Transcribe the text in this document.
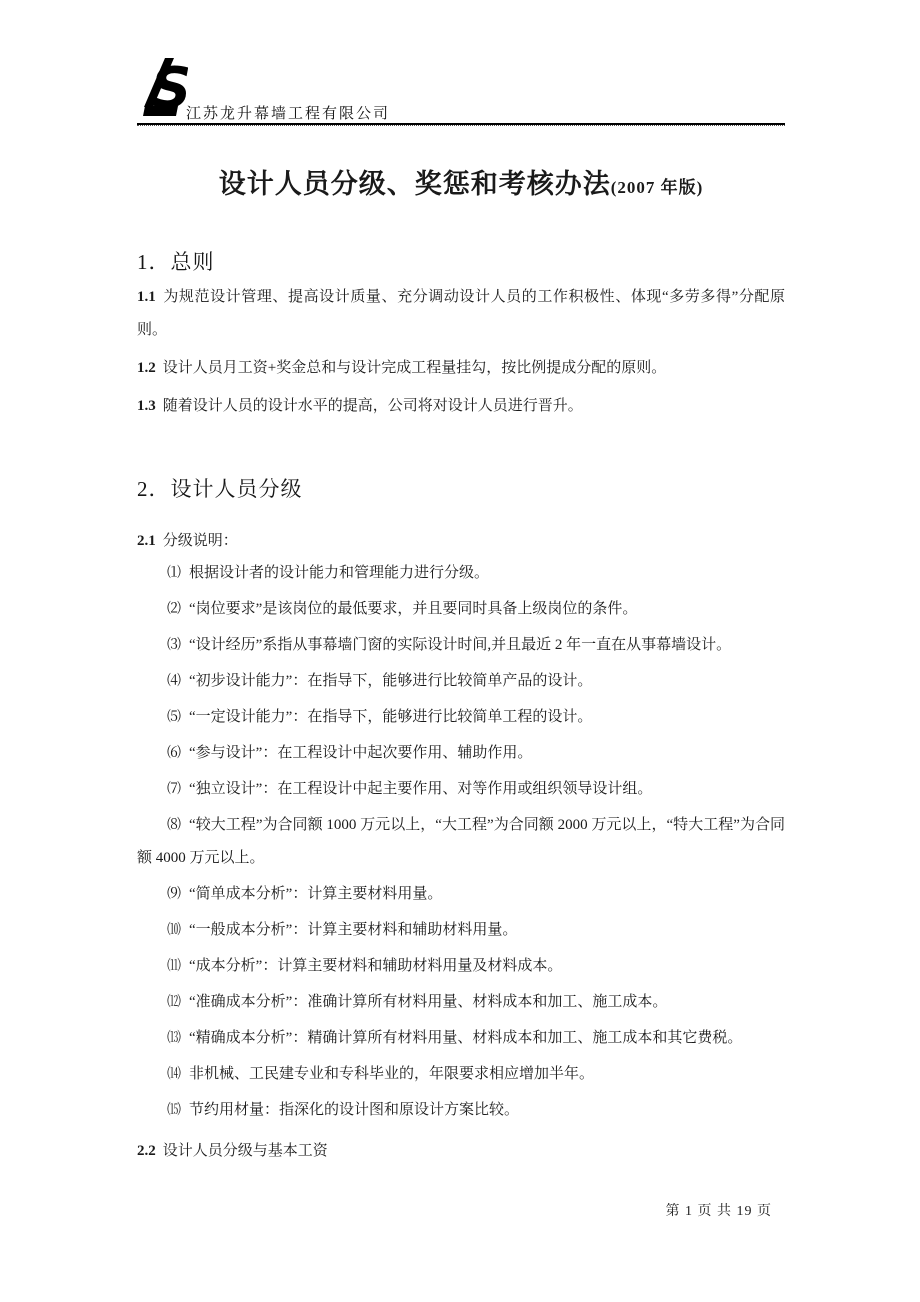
S
江苏龙升幕墙工程有限公司
设计人员分级、奖惩和考核办法(2007 年版)
1．总则

1.1 为规范设计管理、提高设计质量、充分调动设计人员的工作积极性、体现“多劳多得”分配原则。

1.2 设计人员月工资+奖金总和与设计完成工程量挂勾，按比例提成分配的原则。

1.3 随着设计人员的设计水平的提高，公司将对设计人员进行晋升。

2．设计人员分级

2.1 分级说明：

⑴ 根据设计者的设计能力和管理能力进行分级。

⑵ “岗位要求”是该岗位的最低要求，并且要同时具备上级岗位的条件。

⑶ “设计经历”系指从事幕墙门窗的实际设计时间,并且最近 2 年一直在从事幕墙设计。

⑷ “初步设计能力”：在指导下，能够进行比较简单产品的设计。

⑸ “一定设计能力”：在指导下，能够进行比较简单工程的设计。

⑹ “参与设计”：在工程设计中起次要作用、辅助作用。

⑺ “独立设计”：在工程设计中起主要作用、对等作用或组织领导设计组。

⑻ “较大工程”为合同额 1000 万元以上，“大工程”为合同额 2000 万元以上，“特大工程”为合同额 4000 万元以上。

⑼ “简单成本分析”：计算主要材料用量。

⑽ “一般成本分析”：计算主要材料和辅助材料用量。

⑾ “成本分析”：计算主要材料和辅助材料用量及材料成本。

⑿ “准确成本分析”：准确计算所有材料用量、材料成本和加工、施工成本。

⒀ “精确成本分析”：精确计算所有材料用量、材料成本和加工、施工成本和其它费税。

⒁ 非机械、工民建专业和专科毕业的，年限要求相应增加半年。

⒂ 节约用材量：指深化的设计图和原设计方案比较。

2.2 设计人员分级与基本工资

第 1 页 共 19 页
